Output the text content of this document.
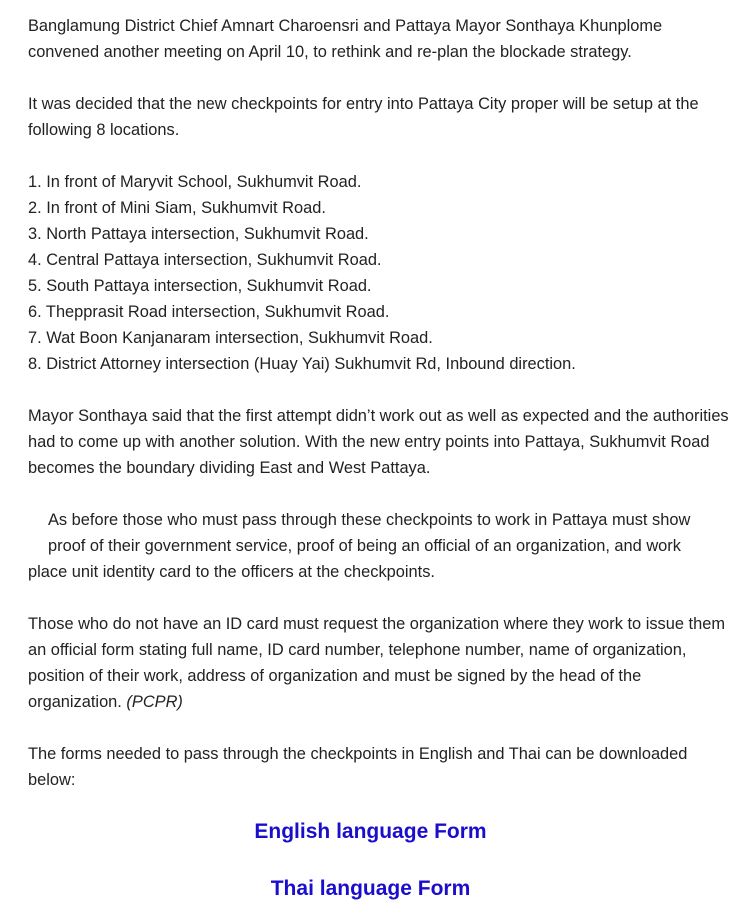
Banglamung District Chief Amnart Charoensri and Pattaya Mayor Sonthaya Khunplome convened another meeting on April 10, to rethink and re-plan the blockade strategy.

It was decided that the new checkpoints for entry into Pattaya City proper will be setup at the following 8 locations.

1. In front of Maryvit School, Sukhumvit Road.
2. In front of Mini Siam, Sukhumvit Road.
3. North Pattaya intersection, Sukhumvit Road.
4. Central Pattaya intersection, Sukhumvit Road.
5. South Pattaya intersection, Sukhumvit Road.
6. Thepprasit Road intersection, Sukhumvit Road.
7. Wat Boon Kanjanaram intersection, Sukhumvit Road.
8. District Attorney intersection (Huay Yai) Sukhumvit Rd, Inbound direction.

Mayor Sonthaya said that the first attempt didn’t work out as well as expected and the authorities had to come up with another solution. With the new entry points into Pattaya, Sukhumvit Road becomes the boundary dividing East and West Pattaya.

As before those who must pass through these checkpoints to work in Pattaya must show
proof of their government service, proof of being an official of an organization, and work
place unit identity card to the officers at the checkpoints.

Those who do not have an ID card must request the organization where they work to issue them an official form stating full name, ID card number, telephone number, name of organization, position of their work, address of organization and must be signed by the head of the organization. (PCPR)

The forms needed to pass through the checkpoints in English and Thai can be downloaded below:

English language Form
Thai language Form
